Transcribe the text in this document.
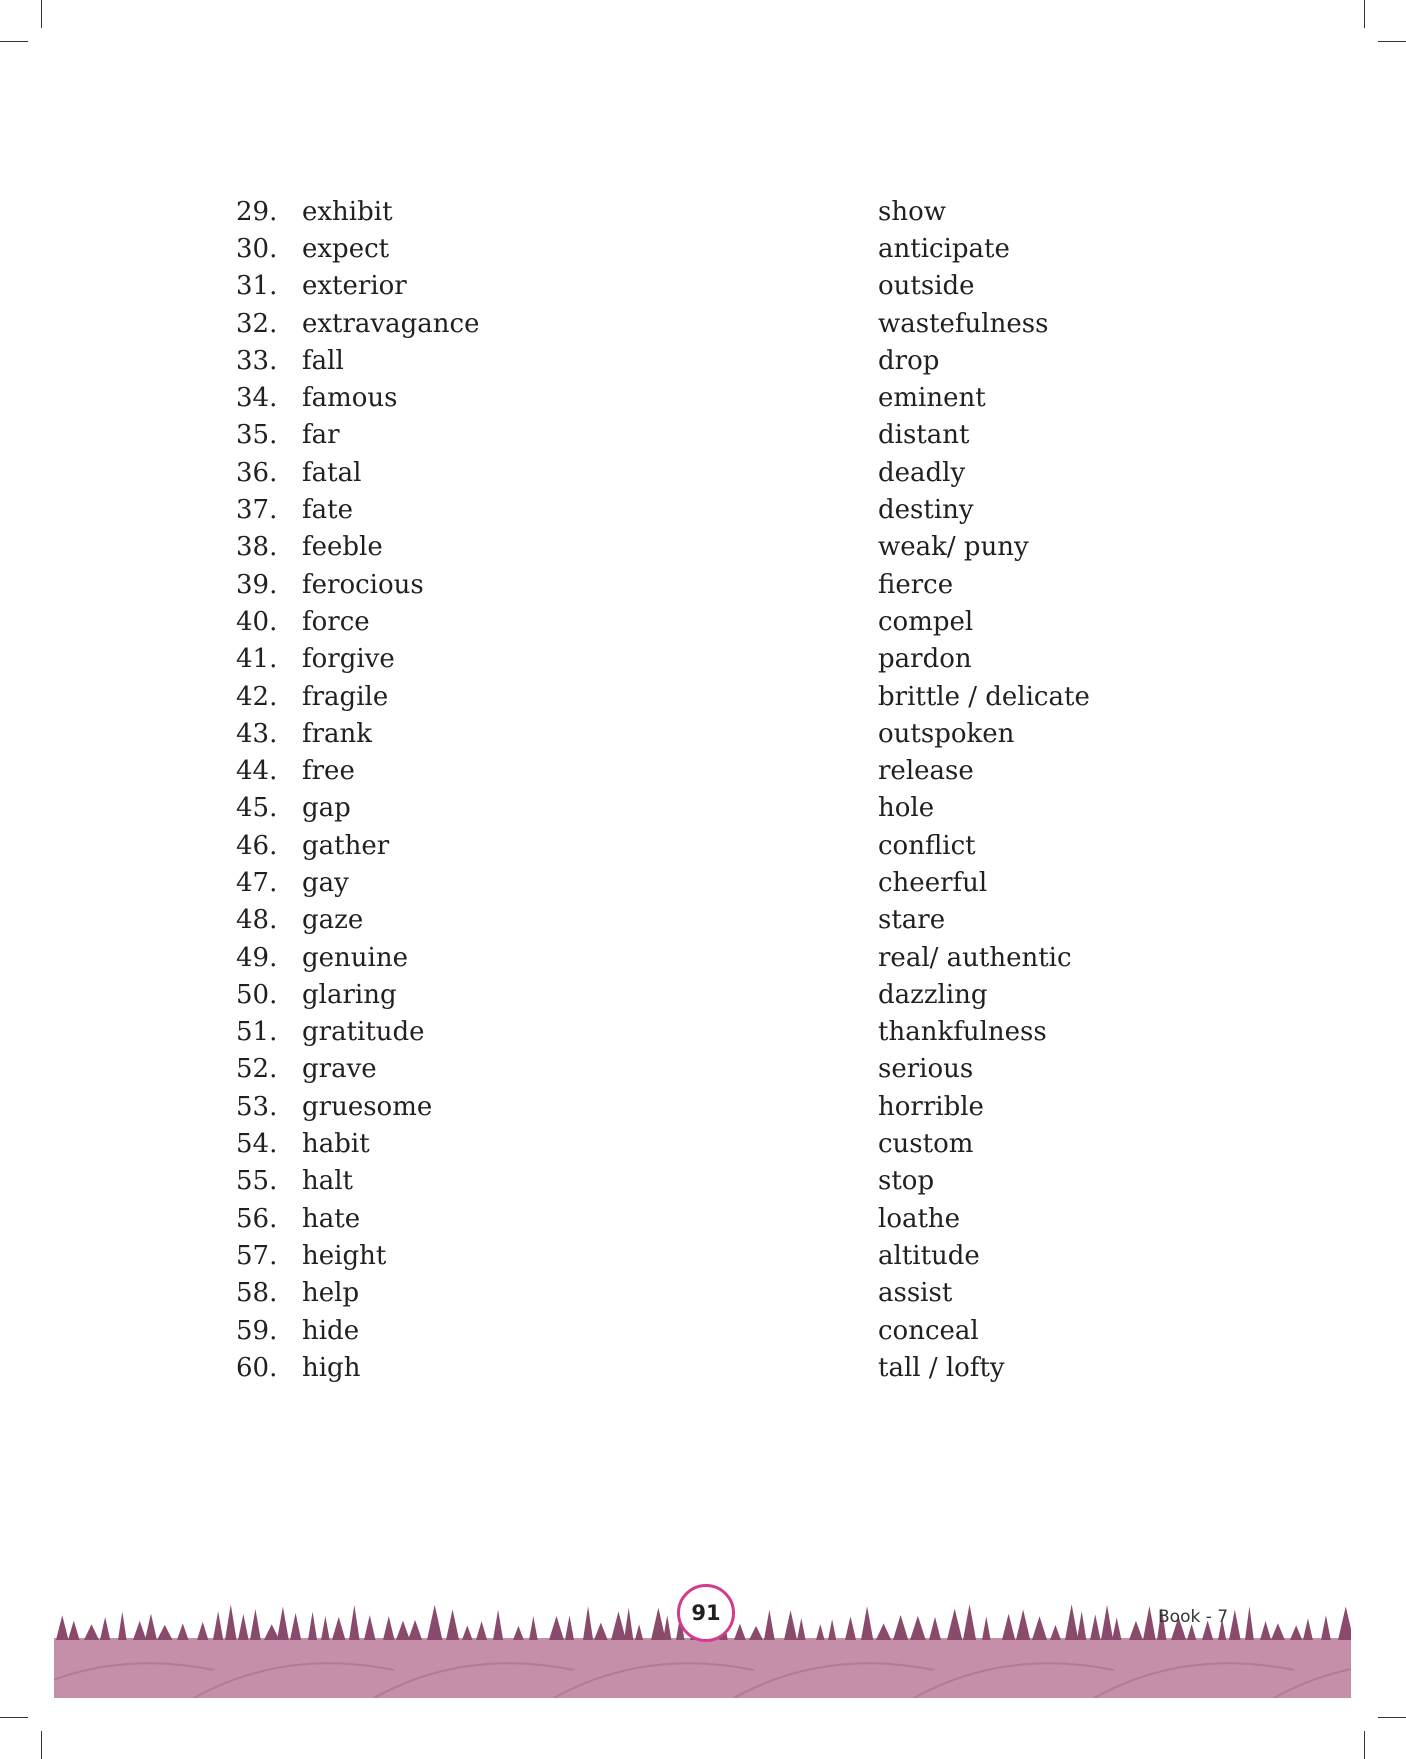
29. exhibit	show
30. expect	anticipate
31. exterior	outside
32. extravagance	wastefulness
33. fall	drop
34. famous	eminent
35. far	distant
36. fatal	deadly
37. fate	destiny
38. feeble	weak/ puny
39. ferocious	fierce
40. force	compel
41. forgive	pardon
42. fragile	brittle / delicate
43. frank	outspoken
44. free	release
45. gap	hole
46. gather	conflict
47. gay	cheerful
48. gaze	stare
49. genuine	real/ authentic
50. glaring	dazzling
51. gratitude	thankfulness
52. grave	serious
53. gruesome	horrible
54. habit	custom
55. halt	stop
56. hate	loathe
57. height	altitude
58. help	assist
59. hide	conceal
60. high	tall / lofty
91	Book - 7
